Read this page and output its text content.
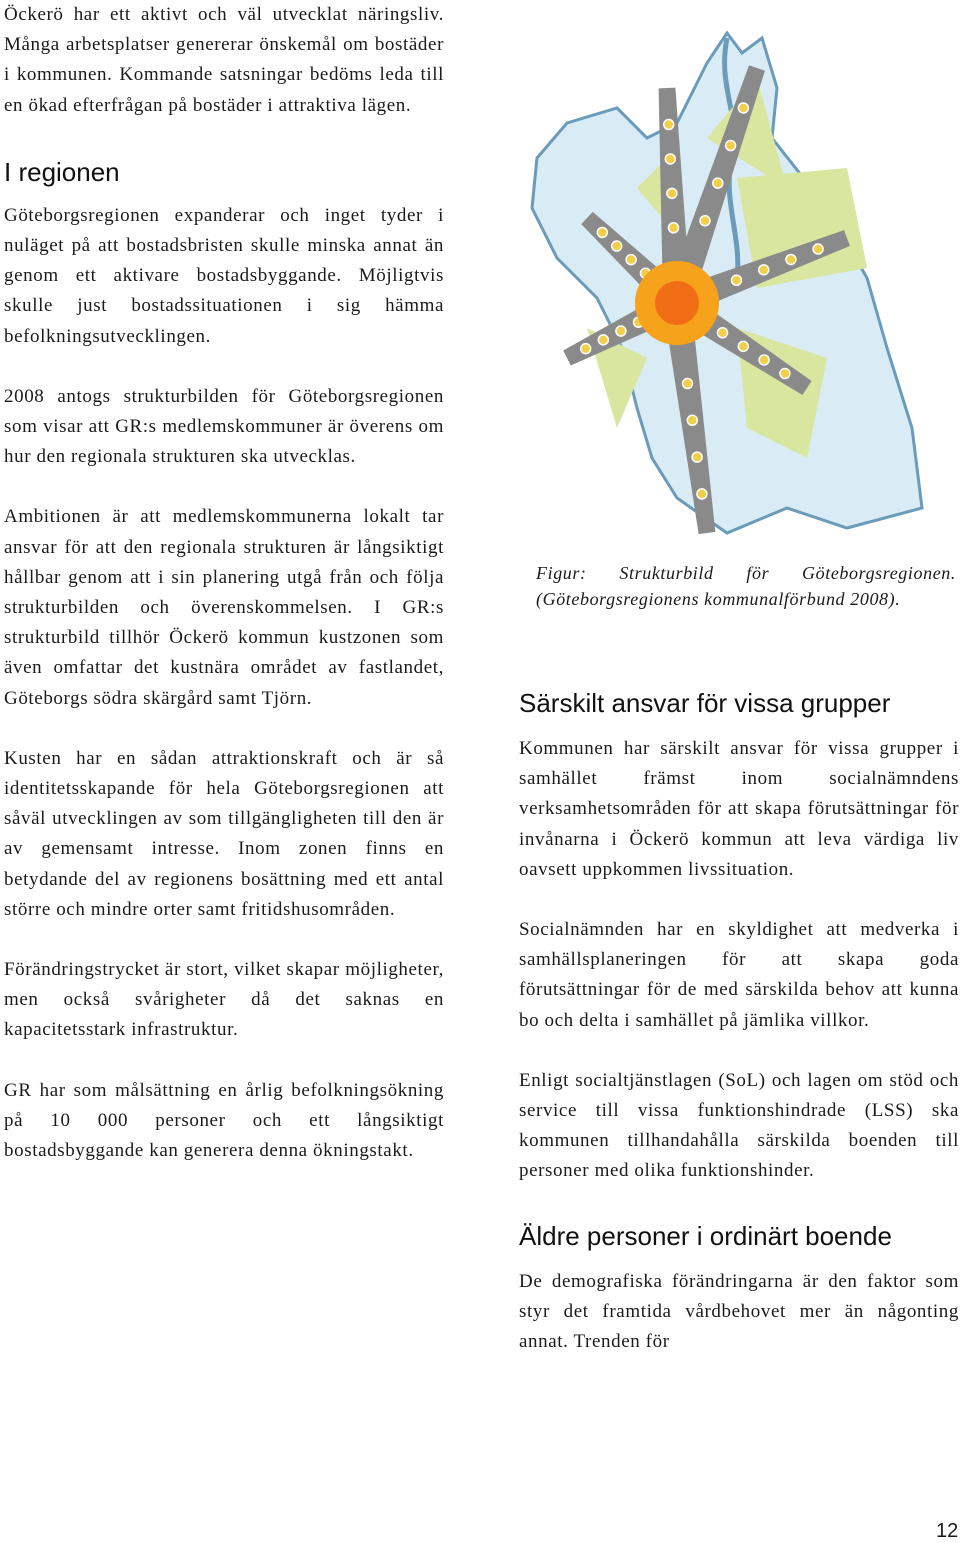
Öckerö har ett aktivt och väl utvecklat näringsliv. Många arbetsplatser genererar önskemål om bostäder i kommunen. Kommande satsningar bedöms leda till en ökad efterfrågan på bostäder i attraktiva lägen.

I regionen

Göteborgsregionen expanderar och inget tyder i nuläget på att bostadsbristen skulle minska annat än genom ett aktivare bostadsbyggande. Möjligtvis skulle just bostadssituationen i sig hämma befolkningsutvecklingen.

2008 antogs strukturbilden för Göteborgsregionen som visar att GR:s medlemskommuner är överens om hur den regionala strukturen ska utvecklas.

Ambitionen är att medlemskommunerna lokalt tar ansvar för att den regionala strukturen är långsiktigt hållbar genom att i sin planering utgå från och följa strukturbilden och överenskommelsen. I GR:s strukturbild tillhör Öckerö kommun kustzonen som även omfattar det kustnära området av fastlandet, Göteborgs södra skärgård samt Tjörn.

Kusten har en sådan attraktionskraft och är så identitetsskapande för hela Göteborgsregionen att såväl utvecklingen av som tillgängligheten till den är av gemensamt intresse. Inom zonen finns en betydande del av regionens bosättning med ett antal större och mindre orter samt fritidshusområden.

Förändringstrycket är stort, vilket skapar möjligheter, men också svårigheter då det saknas en kapacitetsstark infrastruktur.

GR har som målsättning en årlig befolkningsökning på 10 000 personer och ett långsiktigt bostadsbyggande kan generera denna ökningstakt.

Figur: Strukturbild för Göteborgsregionen. (Göteborgsregionens kommunalförbund 2008).

Särskilt ansvar för vissa grupper

Kommunen har särskilt ansvar för vissa grupper i samhället främst inom socialnämndens verksamhetsområden för att skapa förutsättningar för invånarna i Öckerö kommun att leva värdiga liv oavsett uppkommen livssituation.

Socialnämnden har en skyldighet att medverka i samhällsplaneringen för att skapa goda förutsättningar för de med särskilda behov att kunna bo och delta i samhället på jämlika villkor.

Enligt socialtjänstlagen (SoL) och lagen om stöd och service till vissa funktionshindrade (LSS) ska kommunen tillhandahålla särskilda boenden till personer med olika funktionshinder.

Äldre personer i ordinärt boende

De demografiska förändringarna är den faktor som styr det framtida vårdbehovet mer än någonting annat. Trenden för

12
